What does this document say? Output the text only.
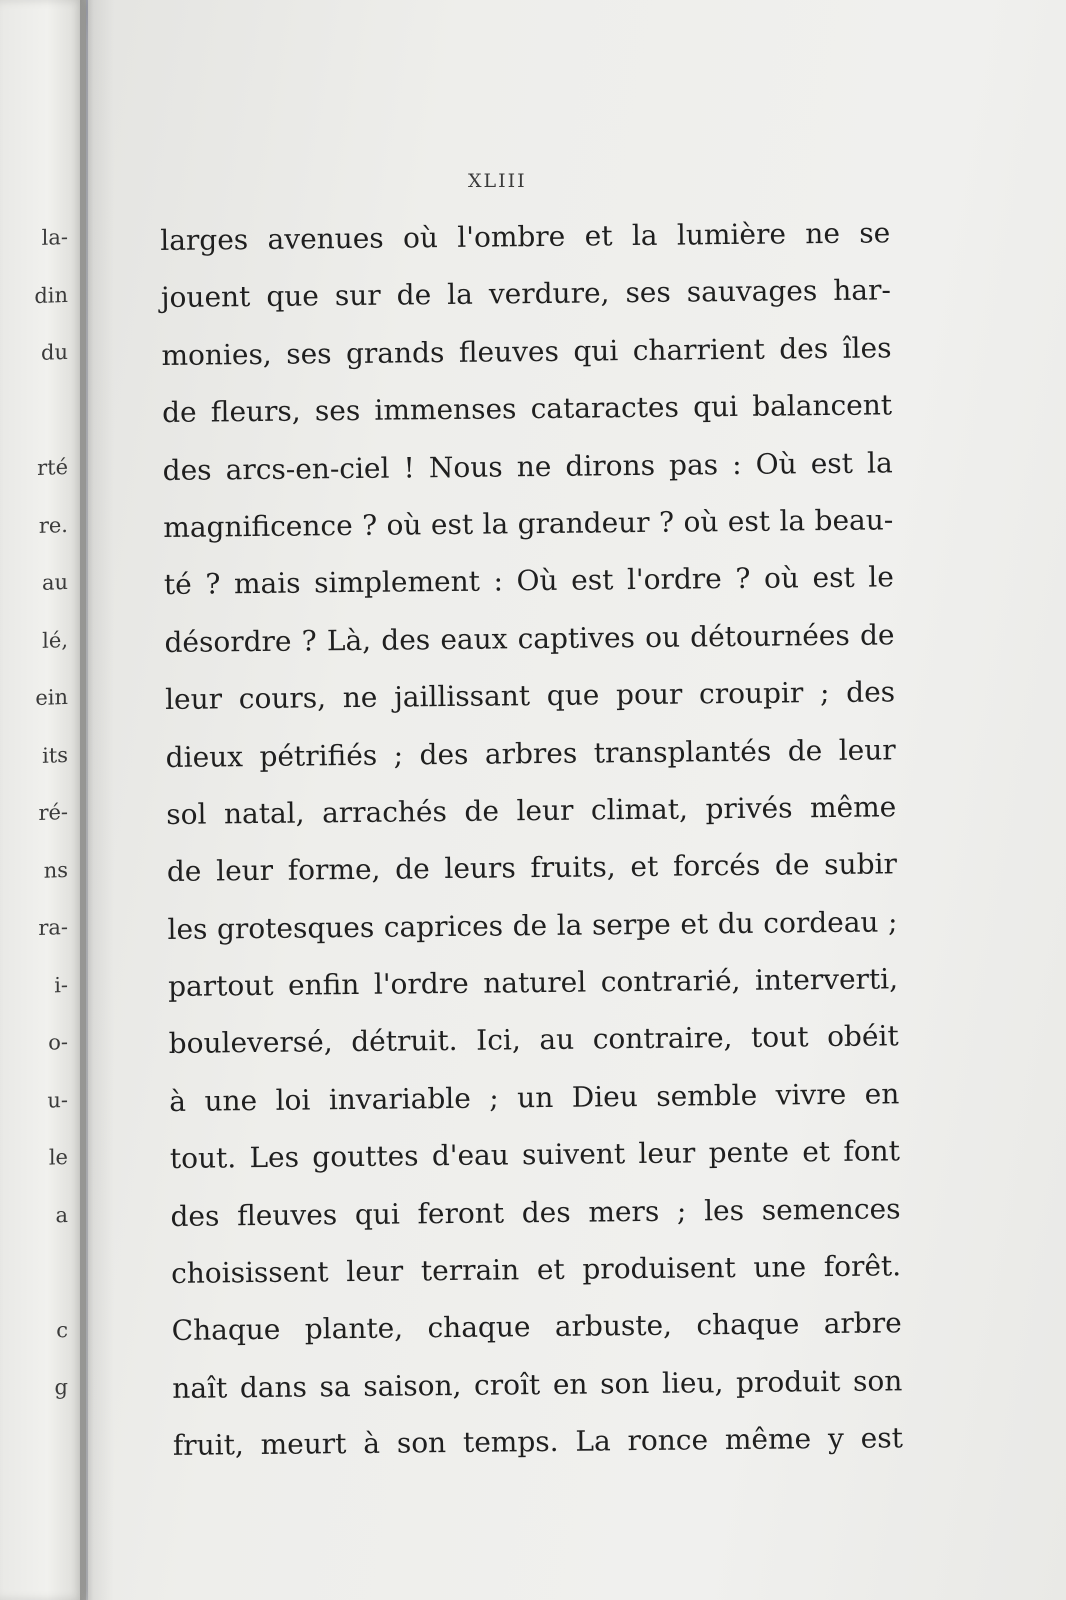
la-
din
du
rté
re.
au
lé,
ein
its
ré-
ns
ra-
i-
o-
u-
le
a
c
g
XLIII
larges avenues où l'ombre et la lumière ne se
jouent que sur de la verdure, ses sauvages har-
monies, ses grands fleuves qui charrient des îles
de fleurs, ses immenses cataractes qui balancent
des arcs-en-ciel ! Nous ne dirons pas : Où est la
magnificence ? où est la grandeur ? où est la beau-
té ? mais simplement : Où est l'ordre ? où est le
désordre ? Là, des eaux captives ou détournées de
leur cours, ne jaillissant que pour croupir ; des
dieux pétrifiés ; des arbres transplantés de leur
sol natal, arrachés de leur climat, privés même
de leur forme, de leurs fruits, et forcés de subir
les grotesques caprices de la serpe et du cordeau ;
partout enfin l'ordre naturel contrarié, interverti,
bouleversé, détruit. Ici, au contraire, tout obéit
à une loi invariable ; un Dieu semble vivre en
tout. Les gouttes d'eau suivent leur pente et font
des fleuves qui feront des mers ; les semences
choisissent leur terrain et produisent une forêt.
Chaque plante, chaque arbuste, chaque arbre
naît dans sa saison, croît en son lieu, produit son
fruit, meurt à son temps. La ronce même y est
